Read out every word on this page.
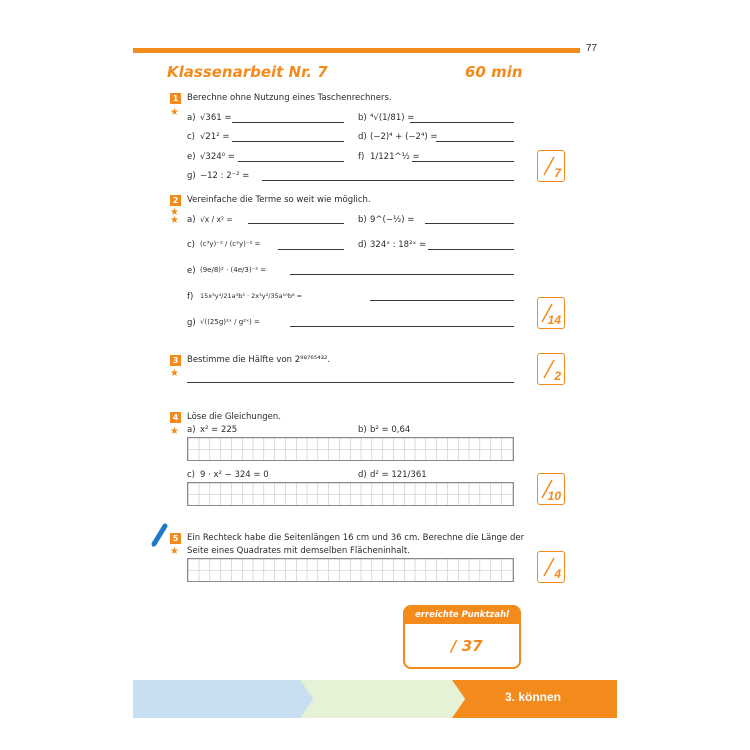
77
Klassenarbeit Nr. 7	60 min
1
★
Berechne ohne Nutzung eines Taschenrechners.
a) √361 =	b) ⁴√(1/81) =
c) √21² =	d) (−2)⁴ + (−2⁴) =
e) √324⁰ =	f) 1/121^½ =
g) −12 : 2⁻² =	7
2
★
★
Vereinfache die Terme so weit wie möglich.
a) √x / x² =	b) 9^(−½) =
c) (c³y)⁻² / (c²y)⁻² =	d) 324ˣ : 18²ˣ =
e) (9e/8)² · (4e/3)⁻² =
f) 15x³y⁴/21a³b⁵ · 2x³y²/35a¹⁰b⁸ =
g) √((25g)²ˣ / g²ˣ) =	14
3
★
Bestimme die Hälfte von 2⁹⁸⁷⁶⁵⁴³².
2
4
★
Löse die Gleichungen.
a) x² = 225	b) b² = 0,64
c) 9 · x² − 324 = 0	d) d² = 121/361
10
5
★
Ein Rechteck habe die Seitenlängen 16 cm und 36 cm. Berechne die Länge der
Seite eines Quadrates mit demselben Flächeninhalt.
4
erreichte Punktzahl
/ 37
3. können
